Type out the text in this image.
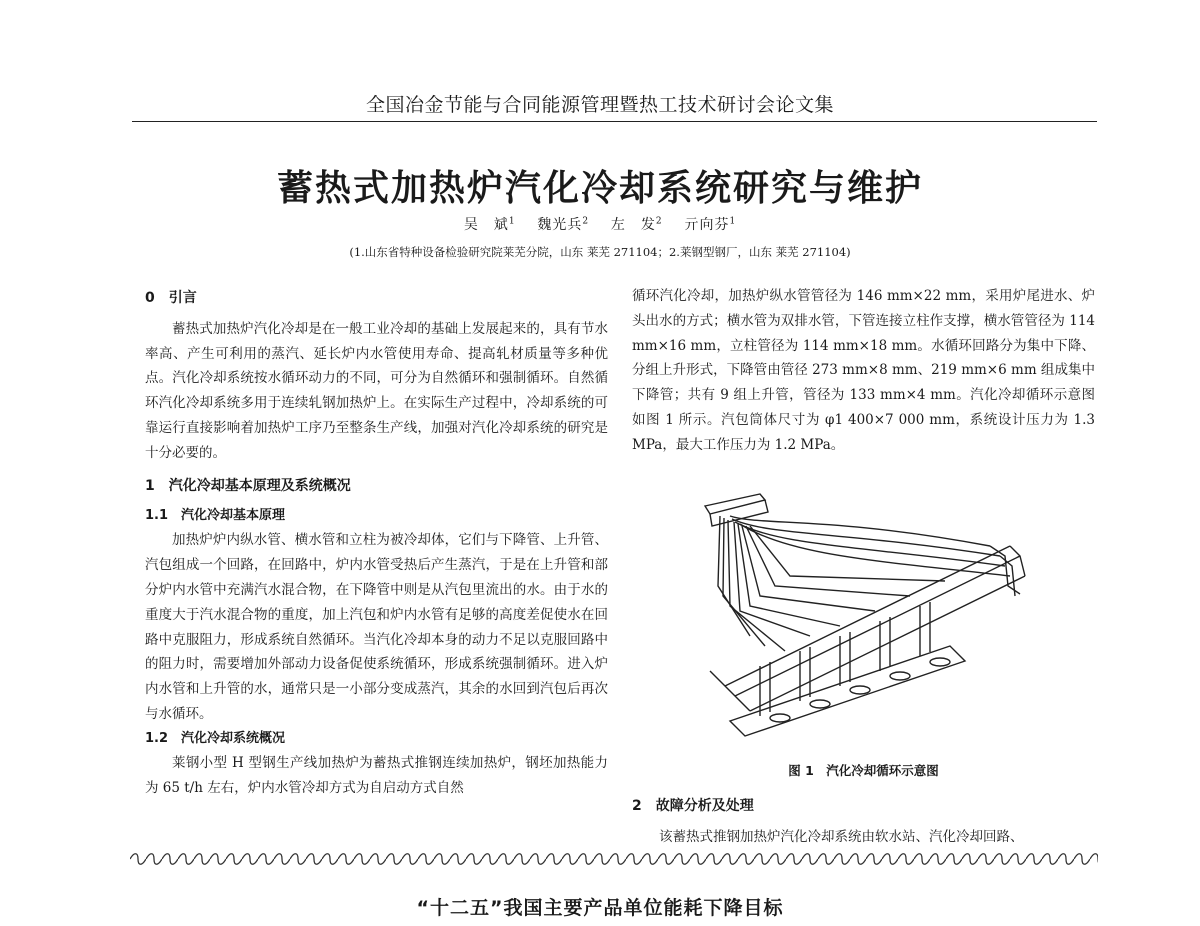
全国冶金节能与合同能源管理暨热工技术研讨会论文集
蓄热式加热炉汽化冷却系统研究与维护
吴　斌$^1$ 魏光兵$^2$ 左　发$^2$ 亓向芬$^1$
(1.山东省特种设备检验研究院莱芜分院，山东 莱芜 271104；2.莱钢型钢厂，山东 莱芜 271104)
0　引言

蓄热式加热炉汽化冷却是在一般工业冷却的基础上发展起来的，具有节水率高、产生可利用的蒸汽、延长炉内水管使用寿命、提高轧材质量等多种优点。汽化冷却系统按水循环动力的不同，可分为自然循环和强制循环。自然循环汽化冷却系统多用于连续轧钢加热炉上。在实际生产过程中，冷却系统的可靠运行直接影响着加热炉工序乃至整条生产线，加强对汽化冷却系统的研究是十分必要的。

1　汽化冷却基本原理及系统概况
1.1　汽化冷却基本原理

加热炉炉内纵水管、横水管和立柱为被冷却体，它们与下降管、上升管、汽包组成一个回路，在回路中，炉内水管受热后产生蒸汽，于是在上升管和部分炉内水管中充满汽水混合物，在下降管中则是从汽包里流出的水。由于水的重度大于汽水混合物的重度，加上汽包和炉内水管有足够的高度差促使水在回路中克服阻力，形成系统自然循环。当汽化冷却本身的动力不足以克服回路中的阻力时，需要增加外部动力设备促使系统循环，形成系统强制循环。进入炉内水管和上升管的水，通常只是一小部分变成蒸汽，其余的水回到汽包后再次与水循环。

1.2　汽化冷却系统概况

莱钢小型 H 型钢生产线加热炉为蓄热式推钢连续加热炉，钢坯加热能力为 65 t/h 左右，炉内水管冷却方式为自启动方式自然

循环汽化冷却，加热炉纵水管管径为 146 mm×22 mm，采用炉尾进水、炉头出水的方式；横水管为双排水管，下管连接立柱作支撑，横水管管径为 114 mm×16 mm，立柱管径为 114 mm×18 mm。水循环回路分为集中下降、分组上升形式，下降管由管径 273 mm×8 mm、219 mm×6 mm 组成集中下降管；共有 9 组上升管，管径为 133 mm×4 mm。汽化冷却循环示意图如图 1 所示。汽包筒体尺寸为 φ1 400×7 000 mm，系统设计压力为 1.3 MPa，最大工作压力为 1.2 MPa。

图 1　汽化冷却循环示意图
2　故障分析及处理

该蓄热式推钢加热炉汽化冷却系统由软水站、汽化冷却回路、

“十二五”我国主要产品单位能耗下降目标
